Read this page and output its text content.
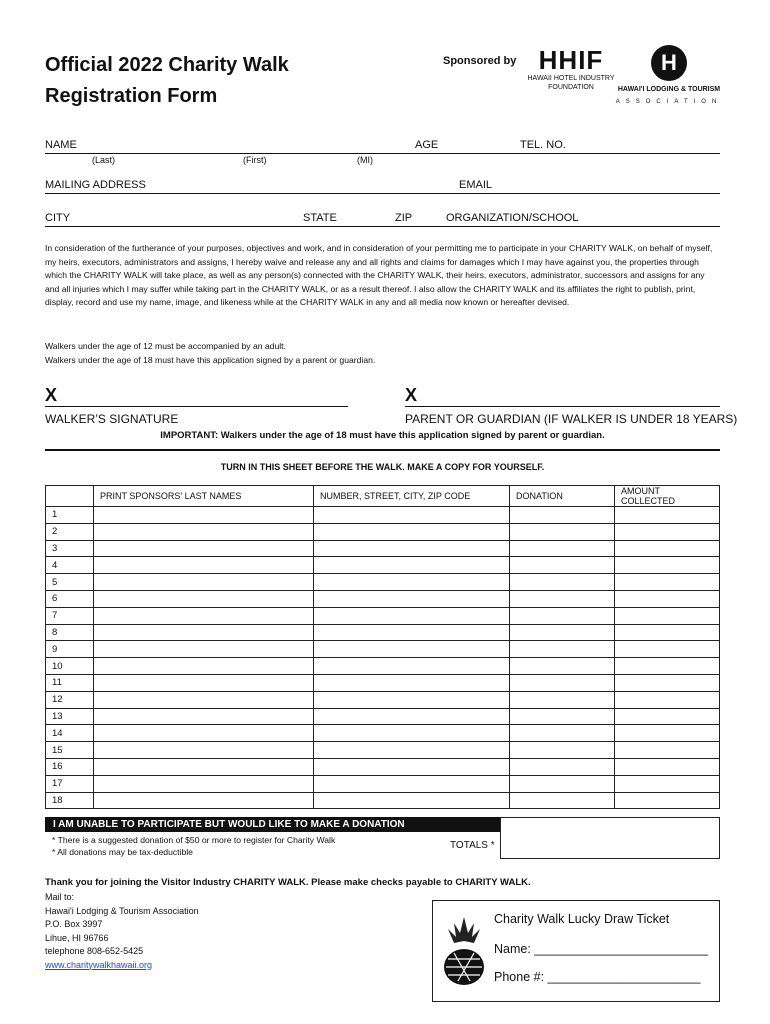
Official 2022 Charity Walk
Registration Form
Sponsored by HHIF
HAWAII HOTEL INDUSTRY
FOUNDATION
H
HAWAI'I LODGING & TOURISM
ASSOCIATION
NAME	AGE	TEL. NO.
(Last)	(First)	(MI)
MAILING ADDRESS	EMAIL
CITY	STATE	ZIP	ORGANIZATION/SCHOOL
In consideration of the furtherance of your purposes, objectives and work, and in consideration of your permitting me to participate in your CHARITY WALK, on behalf of myself, my heirs, executors, administrators and assigns, I hereby waive and release any and all rights and claims for damages which I may have against you, the properties through which the CHARITY WALK will take place, as well as any person(s) connected with the CHARITY WALK, their heirs, executors, administrator, successors and assigns for any and all injuries which I may suffer while taking part in the CHARITY WALK, or as a result thereof. I also allow the CHARITY WALK and its affiliates the right to publish, print, display, record and use my name, image, and likeness while at the CHARITY WALK in any and all media now known or hereafter devised.
Walkers under the age of 12 must be accompanied by an adult.
Walkers under the age of 18 must have this application signed by a parent or guardian.
X
WALKER’S SIGNATURE
X
PARENT OR GUARDIAN (IF WALKER IS UNDER 18 YEARS)
IMPORTANT: Walkers under the age of 18 must have this application signed by parent or guardian.
TURN IN THIS SHEET BEFORE THE WALK. MAKE A COPY FOR YOURSELF.
	PRINT SPONSORS' LAST NAMES	NUMBER, STREET, CITY, ZIP CODE	DONATION	AMOUNT COLLECTED
1				
2				
3				
4				
5				
6				
7				
8				
9				
10				
11				
12				
13				
14				
15				
16				
17				
18				
I AM UNABLE TO PARTICIPATE BUT WOULD LIKE TO MAKE A DONATION
TOTALS *
* There is a suggested donation of $50 or more to register for Charity Walk
* All donations may be tax-deductible
Thank you for joining the Visitor Industry CHARITY WALK. Please make checks payable to CHARITY WALK.
Mail to:
Hawai'i Lodging & Tourism Association
P.O. Box 3997
Lihue, HI 96766
telephone 808-652-5425
www.charitywalkhawaii.org
Charity Walk Lucky Draw Ticket
Name: _________________________
Phone #: ______________________
